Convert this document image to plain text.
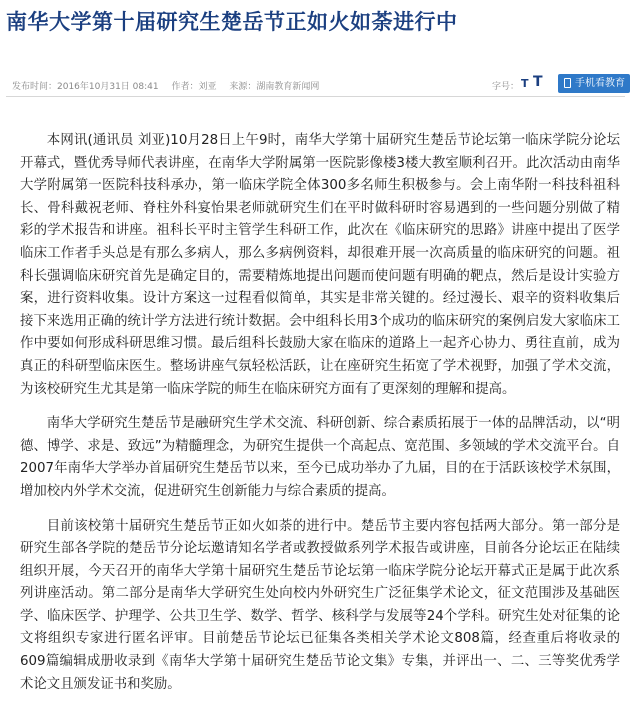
南华大学第十届研究生楚岳节正如火如荼进行中
发布时间：2016年10月31日 08:41 作者：刘亚 来源：湖南教育新闻网	字号： T T	手机看教育

本网讯(通讯员 刘亚)10月28日上午9时，南华大学第十届研究生楚岳节论坛第一临床学院分论坛开幕式，暨优秀导师代表讲座，在南华大学附属第一医院影像楼3楼大教室顺利召开。此次活动由南华大学附属第一医院科技科承办，第一临床学院全体300多名师生积极参与。会上南华附一科技科祖科长、骨科戴祝老师、脊柱外科宴怡果老师就研究生们在平时做科研时容易遇到的一些问题分别做了精彩的学术报告和讲座。祖科长平时主管学生科研工作，此次在《临床研究的思路》讲座中提出了医学临床工作者手头总是有那么多病人，那么多病例资料，却很难开展一次高质量的临床研究的问题。祖科长强调临床研究首先是确定目的，需要精炼地提出问题而使问题有明确的靶点，然后是设计实验方案，进行资料收集。设计方案这一过程看似简单，其实是非常关键的。经过漫长、艰辛的资料收集后接下来选用正确的统计学方法进行统计数据。会中组科长用3个成功的临床研究的案例启发大家临床工作中要如何形成科研思维习惯。最后组科长鼓励大家在临床的道路上一起齐心协力、勇往直前，成为真正的科研型临床医生。整场讲座气氛轻松活跃，让在座研究生拓宽了学术视野，加强了学术交流，为该校研究生尤其是第一临床学院的师生在临床研究方面有了更深刻的理解和提高。

南华大学研究生楚岳节是融研究生学术交流、科研创新、综合素质拓展于一体的品牌活动，以“明德、博学、求是、致远”为精髓理念，为研究生提供一个高起点、宽范围、多领域的学术交流平台。自2007年南华大学举办首届研究生楚岳节以来，至今已成功举办了九届，目的在于活跃该校学术氛围，增加校内外学术交流，促进研究生创新能力与综合素质的提高。

目前该校第十届研究生楚岳节正如火如荼的进行中。楚岳节主要内容包括两大部分。第一部分是研究生部各学院的楚岳节分论坛邀请知名学者或教授做系列学术报告或讲座，目前各分论坛正在陆续组织开展，今天召开的南华大学第十届研究生楚岳节论坛第一临床学院分论坛开幕式正是属于此次系列讲座活动。第二部分是南华大学研究生处向校内外研究生广泛征集学术论文，征文范围涉及基础医学、临床医学、护理学、公共卫生学、数学、哲学、核科学与发展等24个学科。研究生处对征集的论文将组织专家进行匿名评审。目前楚岳节论坛已征集各类相关学术论文808篇，经查重后将收录的609篇编辑成册收录到《南华大学第十届研究生楚岳节论文集》专集，并评出一、二、三等奖优秀学术论文且颁发证书和奖励。
